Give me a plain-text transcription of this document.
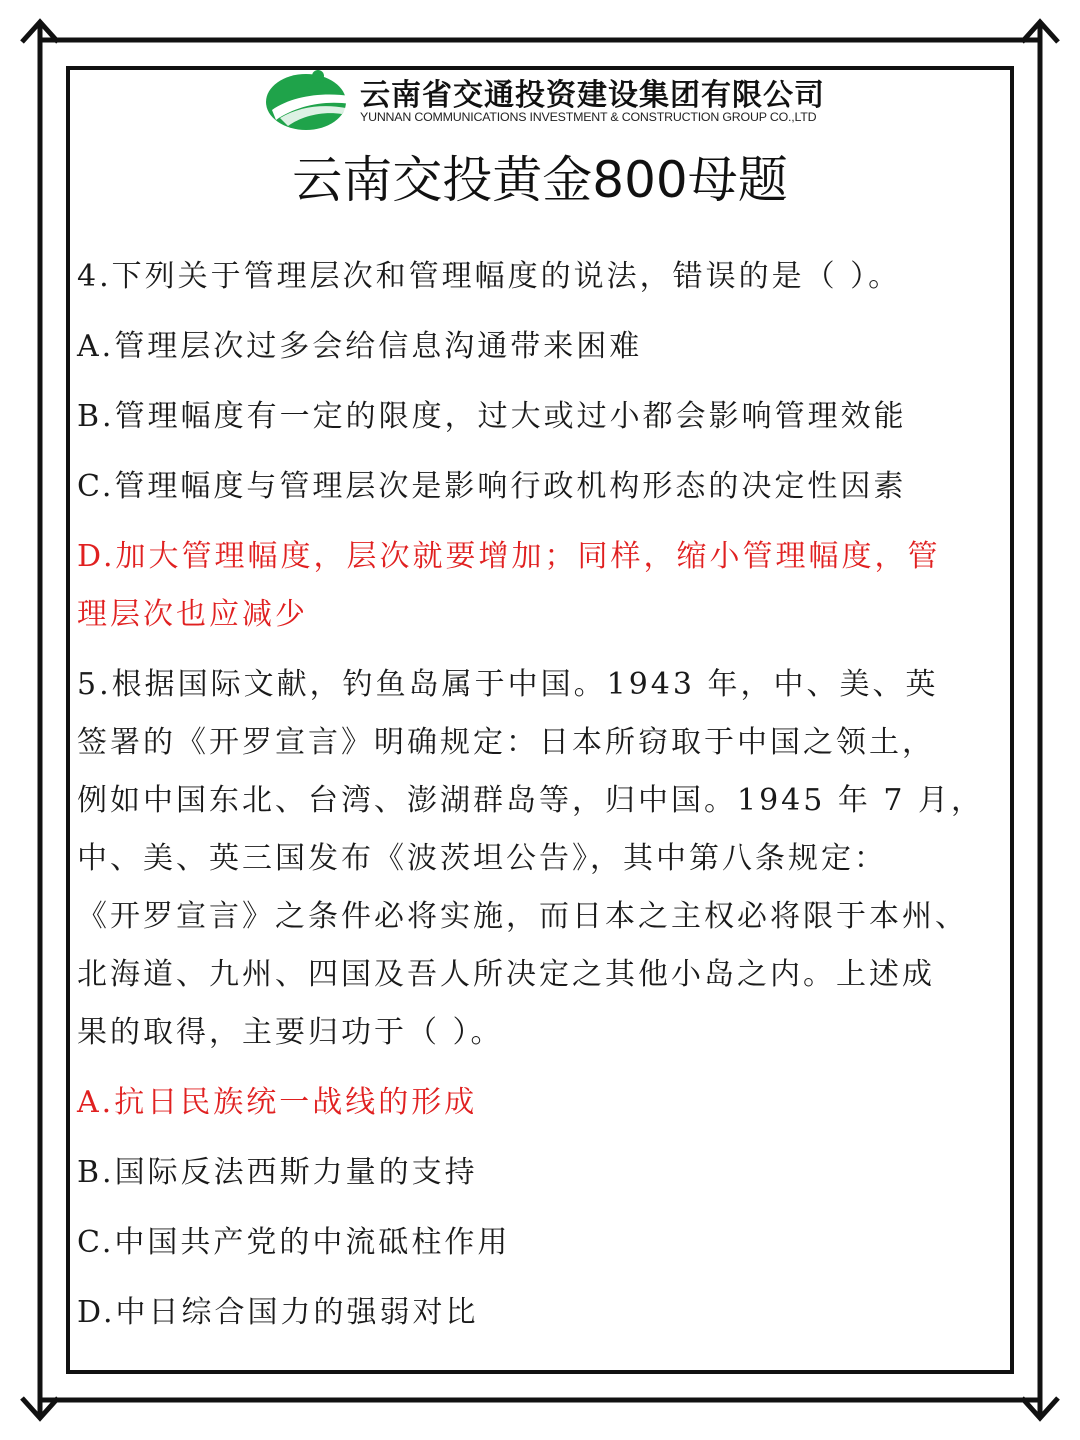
云南省交通投资建设集团有限公司
YUNNAN COMMUNICATIONS INVESTMENT & CONSTRUCTION GROUP CO.,LTD
云南交投黄金800母题

4.下列关于管理层次和管理幅度的说法，错误的是（ ）。

A.管理层次过多会给信息沟通带来困难

B.管理幅度有一定的限度，过大或过小都会影响管理效能

C.管理幅度与管理层次是影响行政机构形态的决定性因素

D.加大管理幅度，层次就要增加；同样，缩小管理幅度，管

理层次也应减少

5.根据国际文献，钓鱼岛属于中国。1943 年，中、美、英

签署的《开罗宣言》明确规定：日本所窃取于中国之领土，

例如中国东北、台湾、澎湖群岛等，归中国。1945 年 7 月，

中、美、英三国发布《波茨坦公告》，其中第八条规定：

《开罗宣言》之条件必将实施，而日本之主权必将限于本州、

北海道、九州、四国及吾人所决定之其他小岛之内。上述成

果的取得，主要归功于（ ）。

A.抗日民族统一战线的形成

B.国际反法西斯力量的支持

C.中国共产党的中流砥柱作用

D.中日综合国力的强弱对比
